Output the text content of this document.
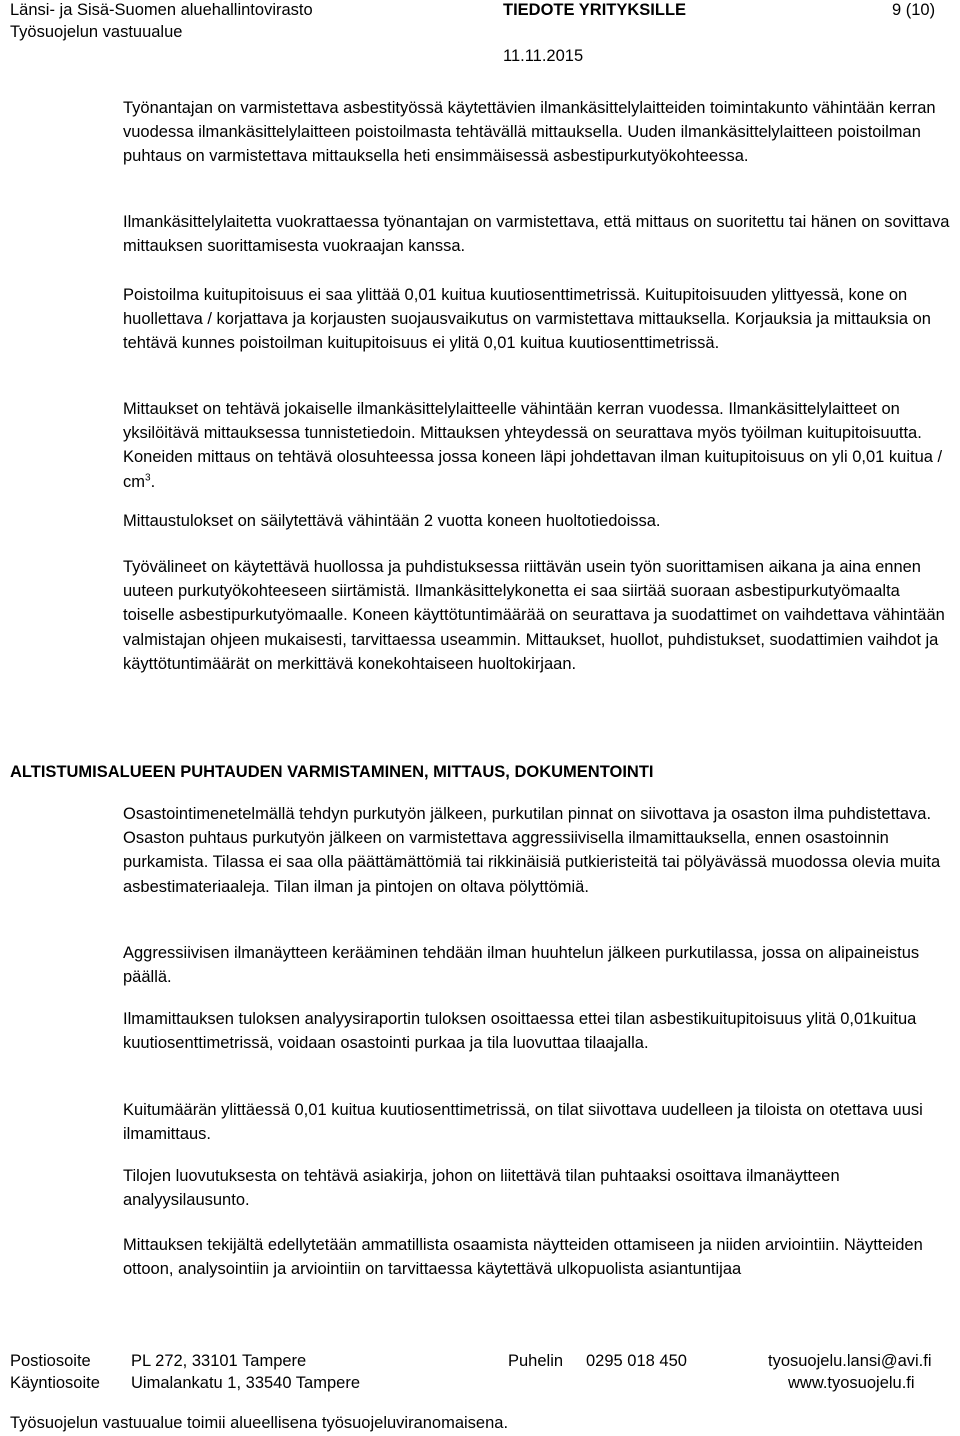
Länsi- ja Sisä-Suomen aluehallintovirasto
Työsuojelun vastuualue
TIEDOTE YRITYKSILLE	9 (10)
11.11.2015

Työnantajan on varmistettava asbestityössä käytettävien ilmankäsittelylaitteiden toimintakunto vähintään kerran vuodessa ilmankäsittelylaitteen poistoilmasta tehtävällä mittauksella. Uuden ilmankäsittelylaitteen poistoilman puhtaus on varmistettava mittauksella heti ensimmäisessä asbestipurkutyökohteessa.

Ilmankäsittelylaitetta vuokrattaessa työnantajan on varmistettava, että mittaus on suoritettu tai hänen on sovittava mittauksen suorittamisesta vuokraajan kanssa.

Poistoilma kuitupitoisuus ei saa ylittää 0,01 kuitua kuutiosenttimetrissä. Kuitupitoisuuden ylittyessä, kone on huollettava / korjattava ja korjausten suojausvaikutus on varmistettava mittauksella. Korjauksia ja mittauksia on tehtävä kunnes poistoilman kuitupitoisuus ei ylitä 0,01 kuitua kuutiosenttimetrissä.

Mittaukset on tehtävä jokaiselle ilmankäsittelylaitteelle vähintään kerran vuodessa. Ilmankäsittelylaitteet on yksilöitävä mittauksessa tunnistetiedoin. Mittauksen yhteydessä on seurattava myös työilman kuitupitoisuutta. Koneiden mittaus on tehtävä olosuhteessa jossa koneen läpi johdettavan ilman kuitupitoisuus on yli 0,01 kuitua / $cm^3$.

Mittaustulokset on säilytettävä vähintään 2 vuotta koneen huoltotiedoissa.

Työvälineet on käytettävä huollossa ja puhdistuksessa riittävän usein työn suorittamisen aikana ja aina ennen uuteen purkutyökohteeseen siirtämistä. Ilmankäsittelykonetta ei saa siirtää suoraan asbestipurkutyömaalta toiselle asbestipurkutyömaalle. Koneen käyttötuntimäärää on seurattava ja suodattimet on vaihdettava vähintään valmistajan ohjeen mukaisesti, tarvittaessa useammin. Mittaukset, huollot, puhdistukset, suodattimien vaihdot ja käyttötuntimäärät on merkittävä konekohtaiseen huoltokirjaan.

ALTISTUMISALUEEN PUHTAUDEN VARMISTAMINEN, MITTAUS, DOKUMENTOINTI

Osastointimenetelmällä tehdyn purkutyön jälkeen, purkutilan pinnat on siivottava ja osaston ilma puhdistettava. Osaston puhtaus purkutyön jälkeen on varmistettava aggressiivisella ilmamittauksella, ennen osastoinnin purkamista. Tilassa ei saa olla päättämättömiä tai rikkinäisiä putkieristeitä tai pölyävässä muodossa olevia muita asbestimateriaaleja. Tilan ilman ja pintojen on oltava pölyttömiä.

Aggressiivisen ilmanäytteen kerääminen tehdään ilman huuhtelun jälkeen purkutilassa, jossa on alipaineistus päällä.

Ilmamittauksen tuloksen analyysiraportin tuloksen osoittaessa ettei tilan asbestikuitupitoisuus ylitä 0,01kuitua kuutiosenttimetrissä, voidaan osastointi purkaa ja tila luovuttaa tilaajalla.

Kuitumäärän ylittäessä 0,01 kuitua kuutiosenttimetrissä, on tilat siivottava uudelleen ja tiloista on otettava uusi ilmamittaus.

Tilojen luovutuksesta on tehtävä asiakirja, johon on liitettävä tilan puhtaaksi osoittava ilmanäytteen analyysilausunto.

Mittauksen tekijältä edellytetään ammatillista osaamista näytteiden ottamiseen ja niiden arviointiin. Näytteiden ottoon, analysointiin ja arviointiin on tarvittaessa käytettävä ulkopuolista asiantuntijaa

Postiosoite PL 272, 33101 Tampere	Puhelin 0295 018 450	tyosuojelu.lansi@avi.fi
Käyntiosoite Uimalankatu 1, 33540 Tampere	www.tyosuojelu.fi
Työsuojelun vastuualue toimii alueellisena työsuojeluviranomaisena.
